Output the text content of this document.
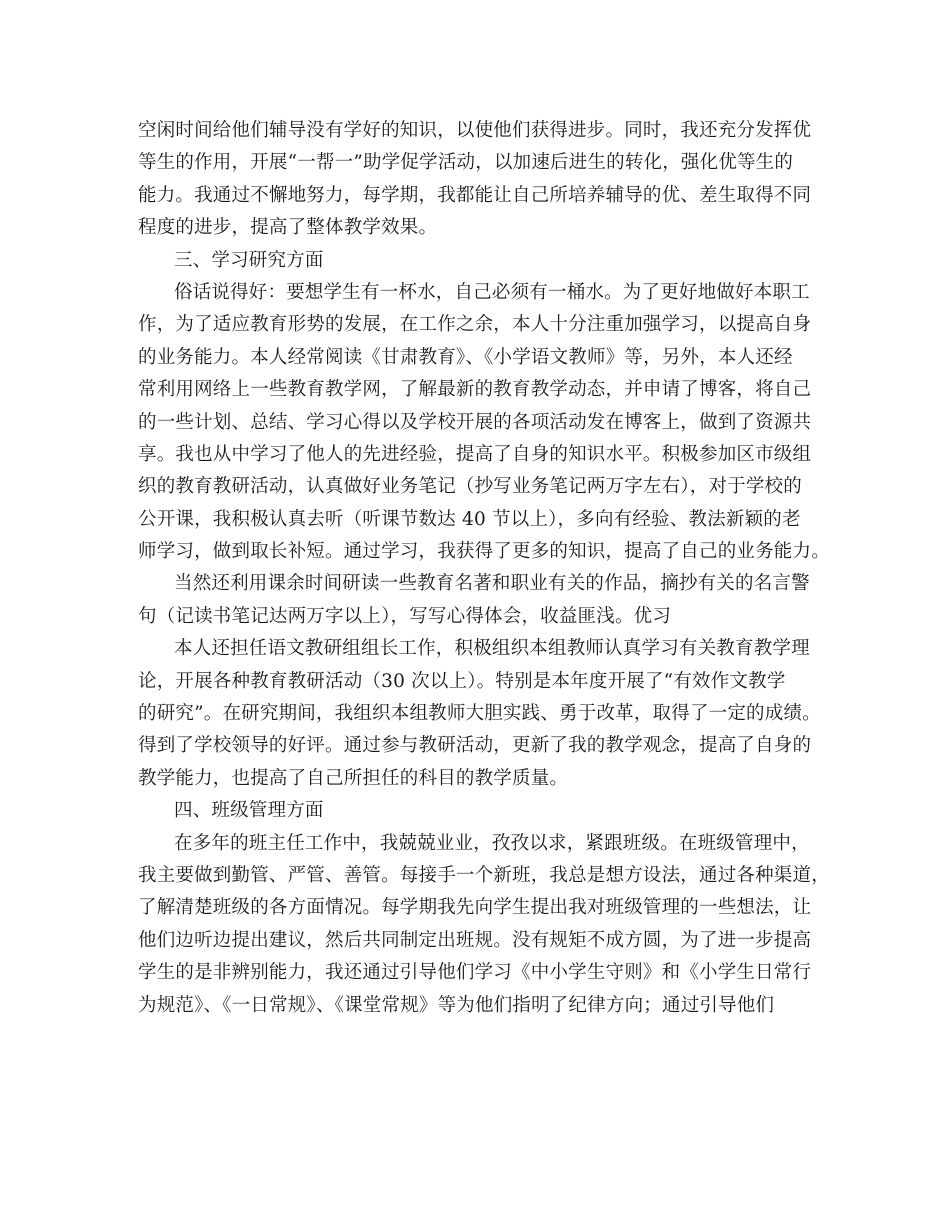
空闲时间给他们辅导没有学好的知识，以使他们获得进步。同时，我还充分发挥优
等生的作用，开展“一帮一”助学促学活动，以加速后进生的转化，强化优等生的
能力。我通过不懈地努力，每学期，我都能让自己所培养辅导的优、差生取得不同
程度的进步，提高了整体教学效果。
三、学习研究方面
俗话说得好：要想学生有一杯水，自己必须有一桶水。为了更好地做好本职工
作，为了适应教育形势的发展，在工作之余，本人十分注重加强学习，以提高自身
的业务能力。本人经常阅读《甘肃教育》、《小学语文教师》等，另外，本人还经
常利用网络上一些教育教学网，了解最新的教育教学动态，并申请了博客，将自己
的一些计划、总结、学习心得以及学校开展的各项活动发在博客上，做到了资源共
享。我也从中学习了他人的先进经验，提高了自身的知识水平。积极参加区市级组
织的教育教研活动，认真做好业务笔记（抄写业务笔记两万字左右），对于学校的
公开课，我积极认真去听（听课节数达 40 节以上），多向有经验、教法新颖的老
师学习，做到取长补短。通过学习，我获得了更多的知识，提高了自己的业务能力。
当然还利用课余时间研读一些教育名著和职业有关的作品，摘抄有关的名言警
句（记读书笔记达两万字以上），写写心得体会，收益匪浅。优习
本人还担任语文教研组组长工作，积极组织本组教师认真学习有关教育教学理
论，开展各种教育教研活动（30 次以上）。特别是本年度开展了“有效作文教学
的研究”。在研究期间，我组织本组教师大胆实践、勇于改革，取得了一定的成绩。
得到了学校领导的好评。通过参与教研活动，更新了我的教学观念，提高了自身的
教学能力，也提高了自己所担任的科目的教学质量。
四、班级管理方面
在多年的班主任工作中，我兢兢业业，孜孜以求，紧跟班级。在班级管理中，
我主要做到勤管、严管、善管。每接手一个新班，我总是想方设法，通过各种渠道，
了解清楚班级的各方面情况。每学期我先向学生提出我对班级管理的一些想法，让
他们边听边提出建议，然后共同制定出班规。没有规矩不成方圆，为了进一步提高
学生的是非辨别能力，我还通过引导他们学习《中小学生守则》和《小学生日常行
为规范》、《一日常规》、《课堂常规》等为他们指明了纪律方向；通过引导他们
